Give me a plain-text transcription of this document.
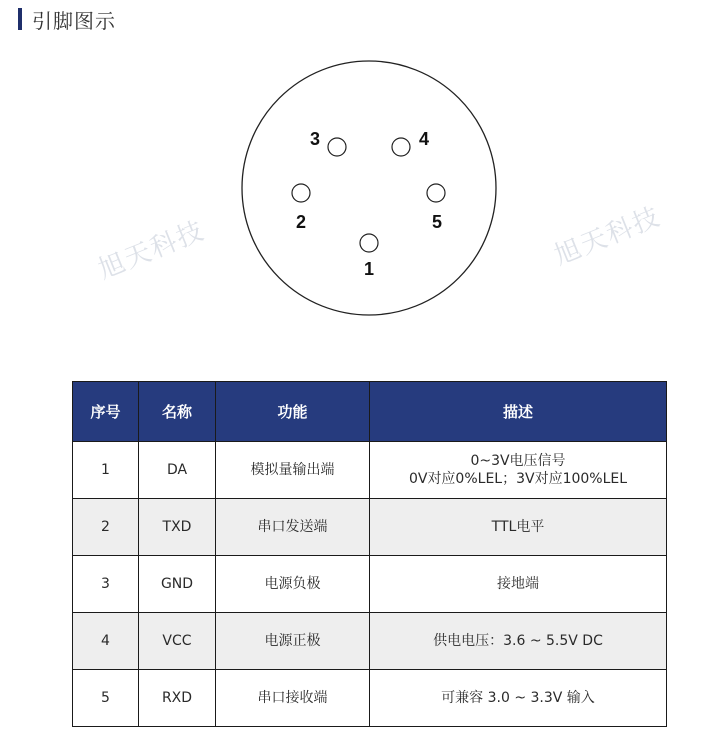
引脚图示
旭天科技	旭天科技
1
2
3	4
5
序号	名称	功能	描述
1	DA	模拟量输出端	0~3V电压信号
0V对应0%LEL；3V对应100%LEL

2	TXD	串口发送端	TTL电平
3	GND	电源负极	接地端
4	VCC	电源正极	供电电压：3.6 ~ 5.5V DC
5	RXD	串口接收端	可兼容 3.0 ~ 3.3V 输入
